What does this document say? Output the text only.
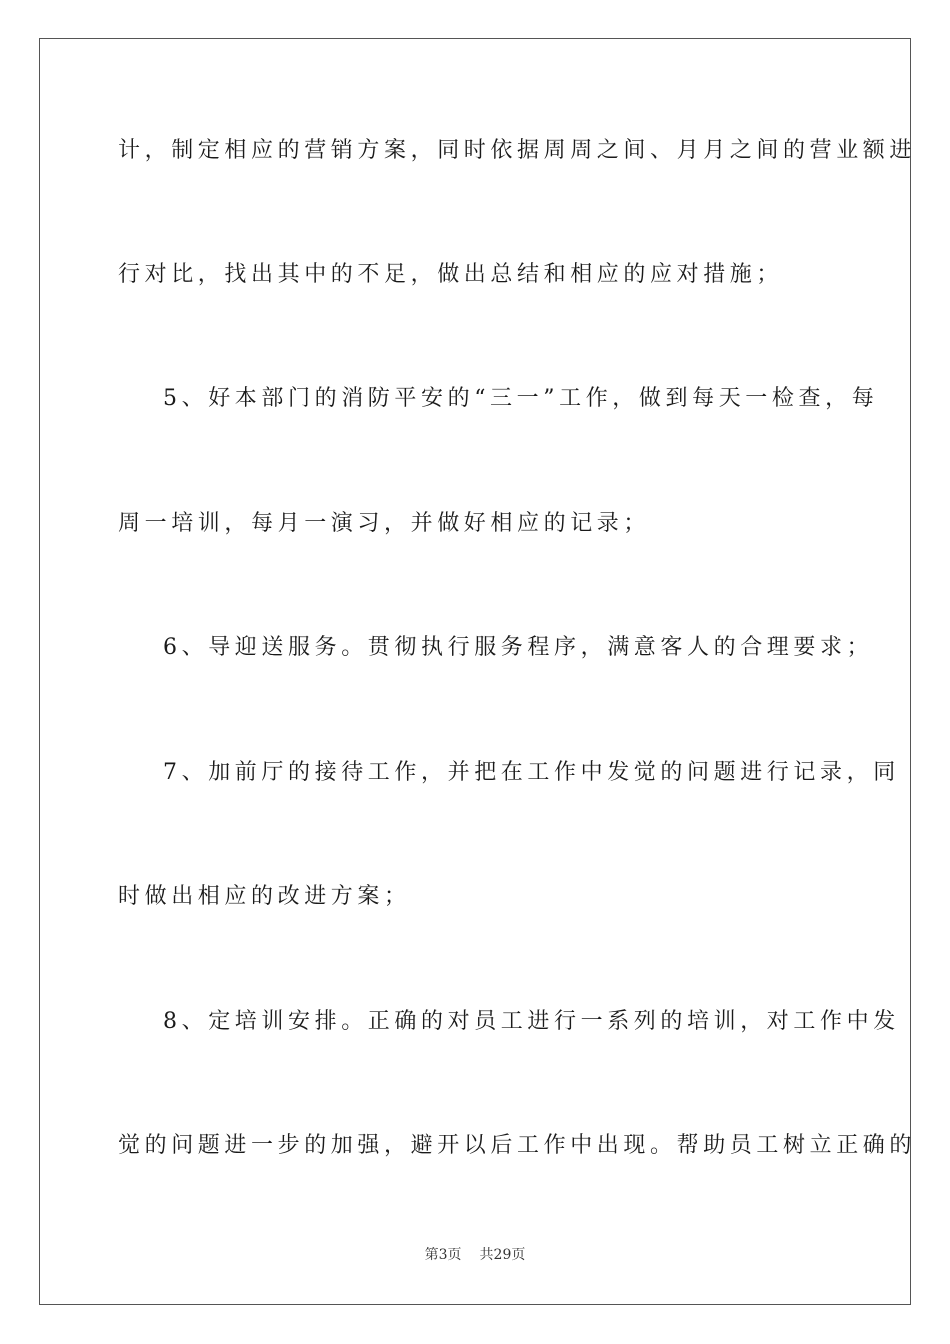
计，制定相应的营销方案，同时依据周周之间、月月之间的营业额进
行对比，找出其中的不足，做出总结和相应的应对措施；
5、好本部门的消防平安的“三一”工作，做到每天一检查，每
周一培训，每月一演习，并做好相应的记录；
6、导迎送服务。贯彻执行服务程序，满意客人的合理要求；
7、加前厅的接待工作，并把在工作中发觉的问题进行记录，同
时做出相应的改进方案；
8、定培训安排。正确的对员工进行一系列的培训，对工作中发
觉的问题进一步的加强，避开以后工作中出现。帮助员工树立正确的
第3页 共29页
